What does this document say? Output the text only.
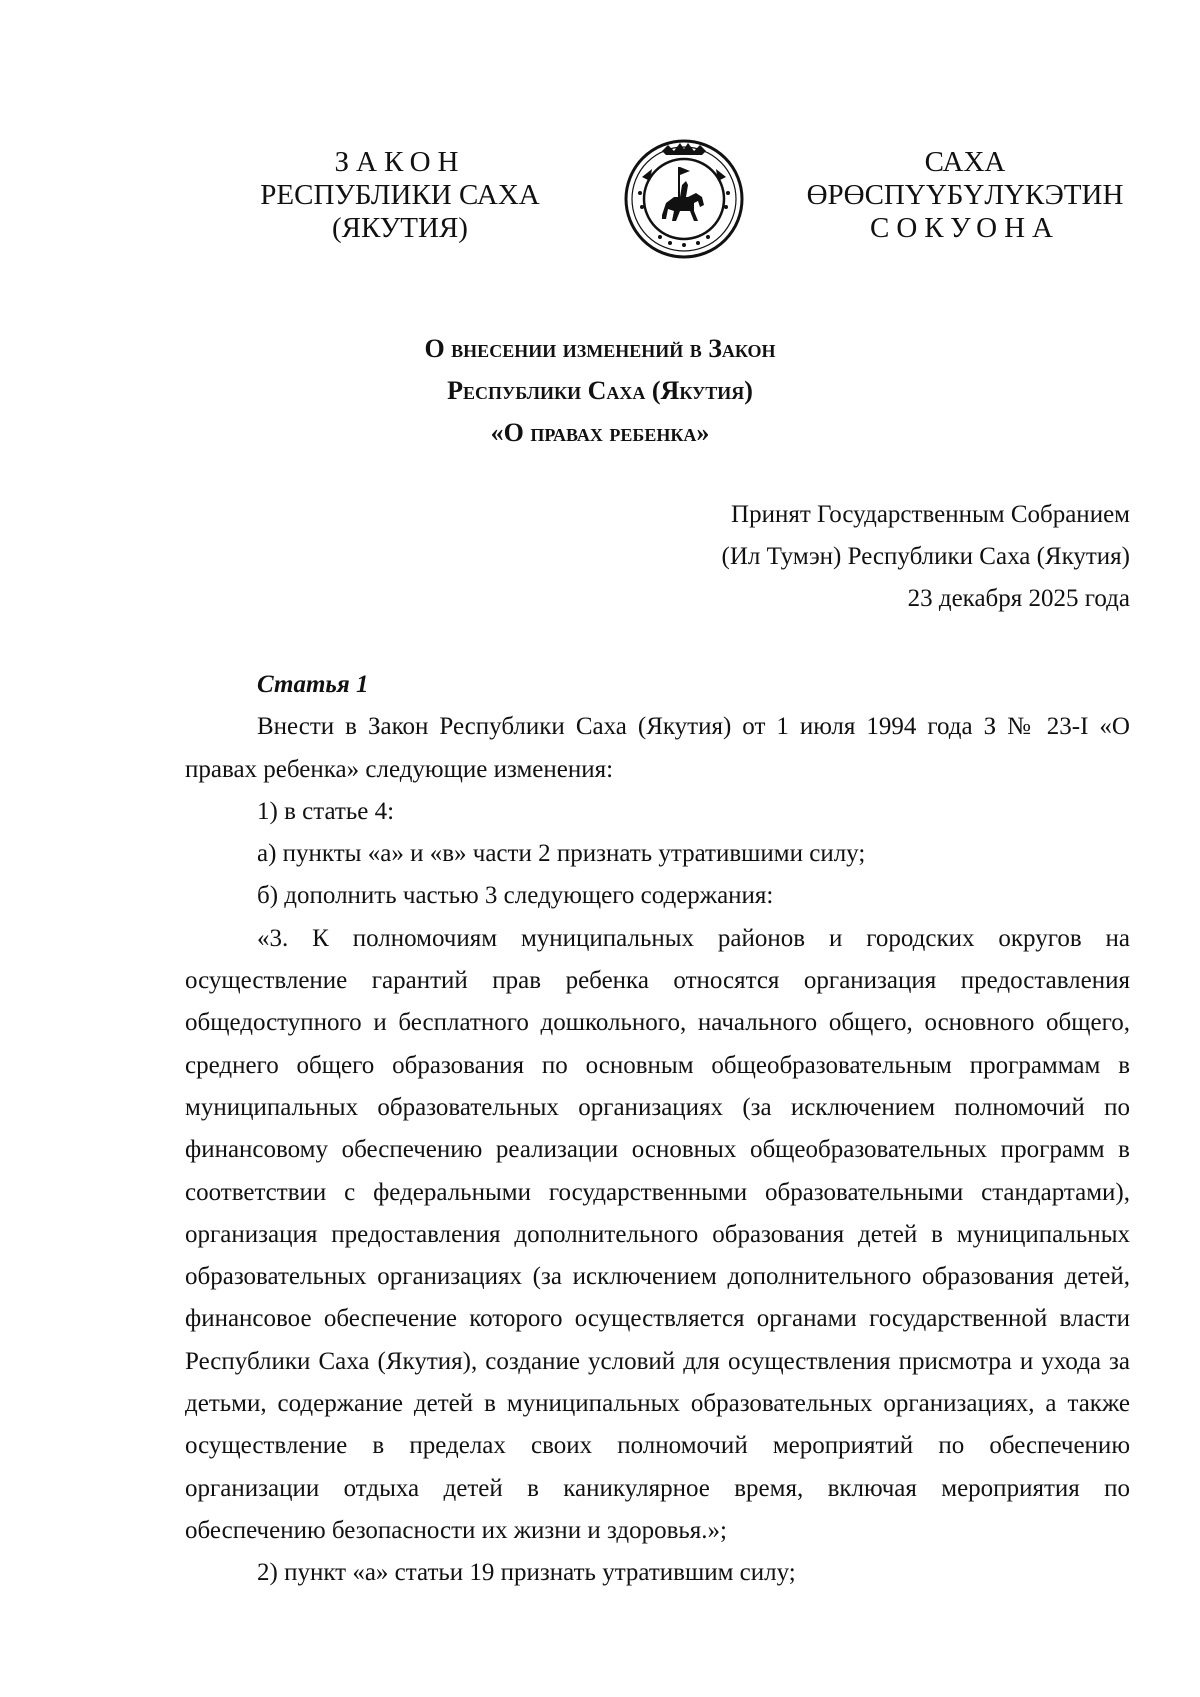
ЗАКОН
РЕСПУБЛИКИ САХА (ЯКУТИЯ)
САХА ӨРӨСПҮҮБҮЛҮКЭТИН
СОКУОНА
О внесении изменений в Закон
Республики Саха (Якутия)
«О правах ребенка»
Принят Государственным Собранием
(Ил Тумэн) Республики Саха (Якутия)
23 декабря 2025 года
Статья 1

Внести в Закон Республики Саха (Якутия) от 1 июля 1994 года З № 23-I «О правах ребенка» следующие изменения:

1) в статье 4:

а) пункты «а» и «в» части 2 признать утратившими силу;

б) дополнить частью 3 следующего содержания:

«3. К полномочиям муниципальных районов и городских округов на осуществление гарантий прав ребенка относятся организация предоставления общедоступного и бесплатного дошкольного, начального общего, основного общего, среднего общего образования по основным общеобразовательным программам в муниципальных образовательных организациях (за исключением полномочий по финансовому обеспечению реализации основных общеобразовательных программ в соответствии с федеральными государственными образовательными стандартами), организация предоставления дополнительного образования детей в муниципальных образовательных организациях (за исключением дополнительного образования детей, финансовое обеспечение которого осуществляется органами государственной власти Республики Саха (Якутия), создание условий для осуществления присмотра и ухода за детьми, содержание детей в муниципальных образовательных организациях, а также осуществление в пределах своих полномочий мероприятий по обеспечению организации отдыха детей в каникулярное время, включая мероприятия по обеспечению безопасности их жизни и здоровья.»;

2) пункт «а» статьи 19 признать утратившим силу;
